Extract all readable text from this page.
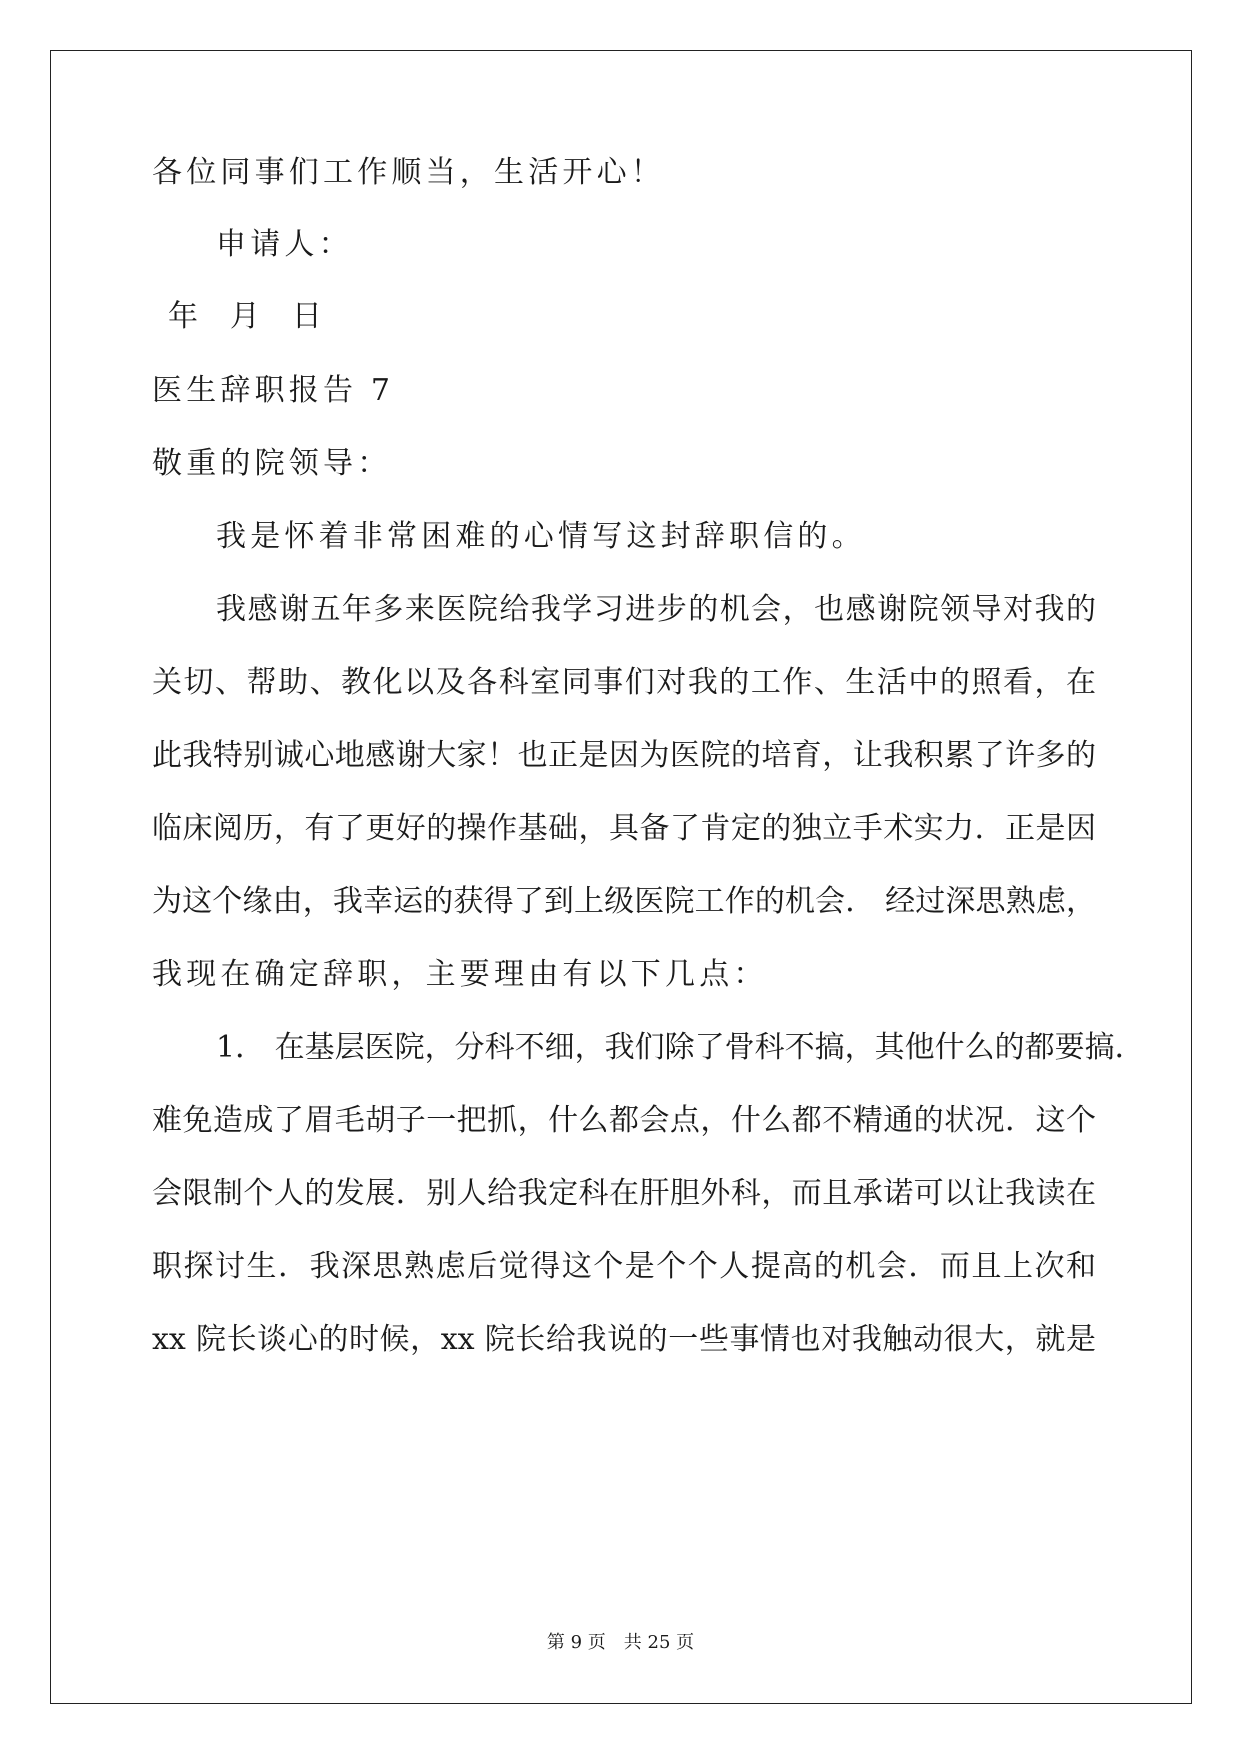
各位同事们工作顺当，生活开心！
申请人：
年 月 日
医生辞职报告 7
敬重的院领导：
我是怀着非常困难的心情写这封辞职信的。
我感谢五年多来医院给我学习进步的机会，也感谢院领导对我的
关切、帮助、教化以及各科室同事们对我的工作、生活中的照看，在
此我特别诚心地感谢大家！也正是因为医院的培育，让我积累了许多的
临床阅历，有了更好的操作基础，具备了肯定的独立手术实力．正是因
为这个缘由，我幸运的获得了到上级医院工作的机会． 经过深思熟虑，
我现在确定辞职，主要理由有以下几点：
1． 在基层医院，分科不细，我们除了骨科不搞，其他什么的都要搞．
难免造成了眉毛胡子一把抓，什么都会点，什么都不精通的状况．这个
会限制个人的发展．别人给我定科在肝胆外科，而且承诺可以让我读在
职探讨生．我深思熟虑后觉得这个是个个人提高的机会．而且上次和
xx 院长谈心的时候，xx 院长给我说的一些事情也对我触动很大，就是
第 9 页　共 25 页
